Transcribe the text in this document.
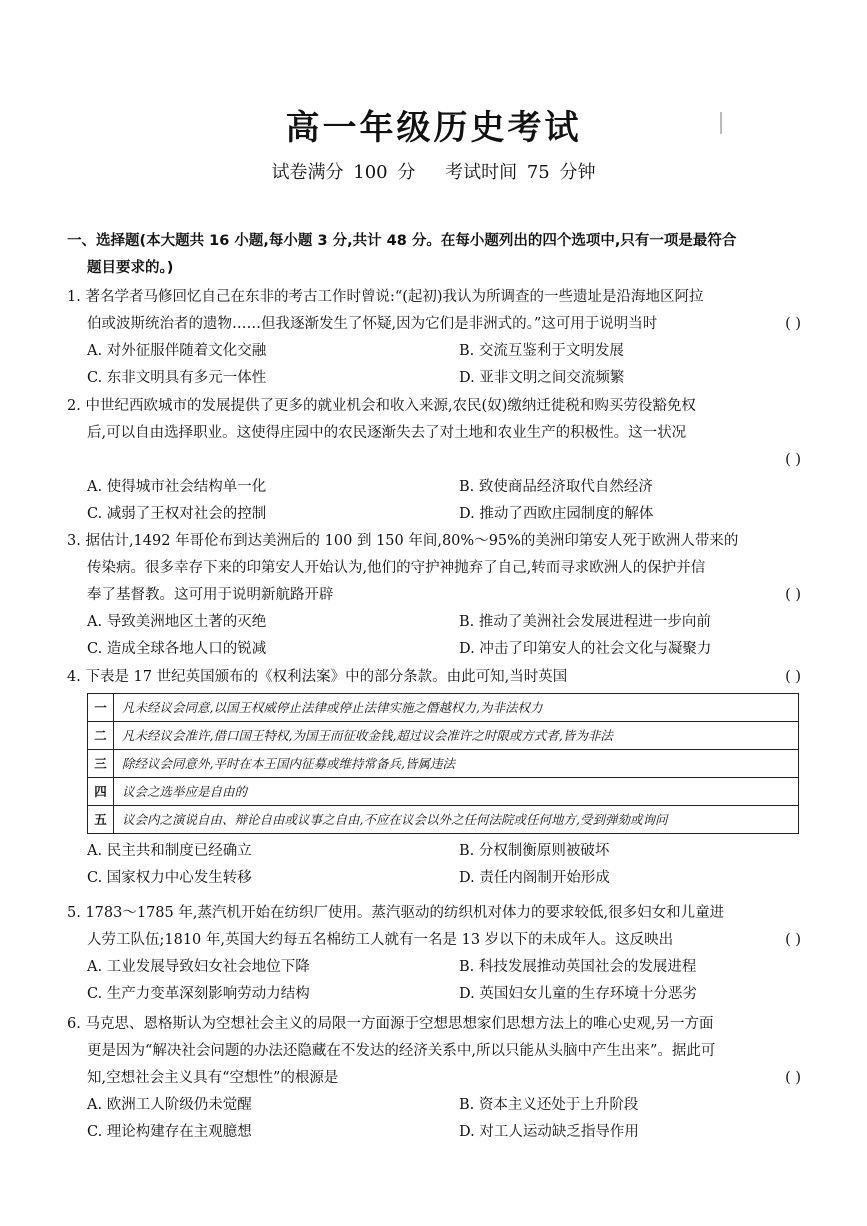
高一年级历史考试
试卷满分 100 分 考试时间 75 分钟
一、选择题(本大题共 16 小题,每小题 3 分,共计 48 分。在每小题列出的四个选项中,只有一项是最符合
题目要求的。)
1. 著名学者马修回忆自己在东非的考古工作时曾说:“(起初)我认为所调查的一些遗址是沿海地区阿拉
( )
伯或波斯统治者的遗物……但我逐渐发生了怀疑,因为它们是非洲式的。”这可用于说明当时
A. 对外征服伴随着文化交融	B. 交流互鉴利于文明发展
C. 东非文明具有多元一体性	D. 亚非文明之间交流频繁
2. 中世纪西欧城市的发展提供了更多的就业机会和收入来源,农民(奴)缴纳迁徙税和购买劳役豁免权
后,可以自由选择职业。这使得庄园中的农民逐渐失去了对土地和农业生产的积极性。这一状况
( )
A. 使得城市社会结构单一化	B. 致使商品经济取代自然经济
C. 减弱了王权对社会的控制	D. 推动了西欧庄园制度的解体
3. 据估计,1492 年哥伦布到达美洲后的 100 到 150 年间,80%～95%的美洲印第安人死于欧洲人带来的
传染病。很多幸存下来的印第安人开始认为,他们的守护神抛弃了自己,转而寻求欧洲人的保护并信
( )
奉了基督教。这可用于说明新航路开辟
A. 导致美洲地区土著的灭绝	B. 推动了美洲社会发展进程进一步向前
C. 造成全球各地人口的锐减	D. 冲击了印第安人的社会文化与凝聚力
( )
4. 下表是 17 世纪英国颁布的《权利法案》中的部分条款。由此可知,当时英国
一	凡未经议会同意,以国王权威停止法律或停止法律实施之僭越权力,为非法权力
二	凡未经议会准许,借口国王特权,为国王而征收金钱,超过议会准许之时限或方式者,皆为非法
三	除经议会同意外,平时在本王国内征募或维持常备兵,皆属违法
四	议会之选举应是自由的
五	议会内之演说自由、辩论自由或议事之自由,不应在议会以外之任何法院或任何地方,受到弹劾或询问
A. 民主共和制度已经确立	B. 分权制衡原则被破坏
C. 国家权力中心发生转移	D. 责任内阁制开始形成
5. 1783～1785 年,蒸汽机开始在纺织厂使用。蒸汽驱动的纺织机对体力的要求较低,很多妇女和儿童进
( )
人劳工队伍;1810 年,英国大约每五名棉纺工人就有一名是 13 岁以下的未成年人。这反映出
A. 工业发展导致妇女社会地位下降	B. 科技发展推动英国社会的发展进程
C. 生产力变革深刻影响劳动力结构	D. 英国妇女儿童的生存环境十分恶劣
6. 马克思、恩格斯认为空想社会主义的局限一方面源于空想思想家们思想方法上的唯心史观,另一方面
更是因为“解决社会问题的办法还隐藏在不发达的经济关系中,所以只能从头脑中产生出来”。据此可
( )
知,空想社会主义具有“空想性”的根源是
A. 欧洲工人阶级仍未觉醒	B. 资本主义还处于上升阶段
C. 理论构建存在主观臆想	D. 对工人运动缺乏指导作用
